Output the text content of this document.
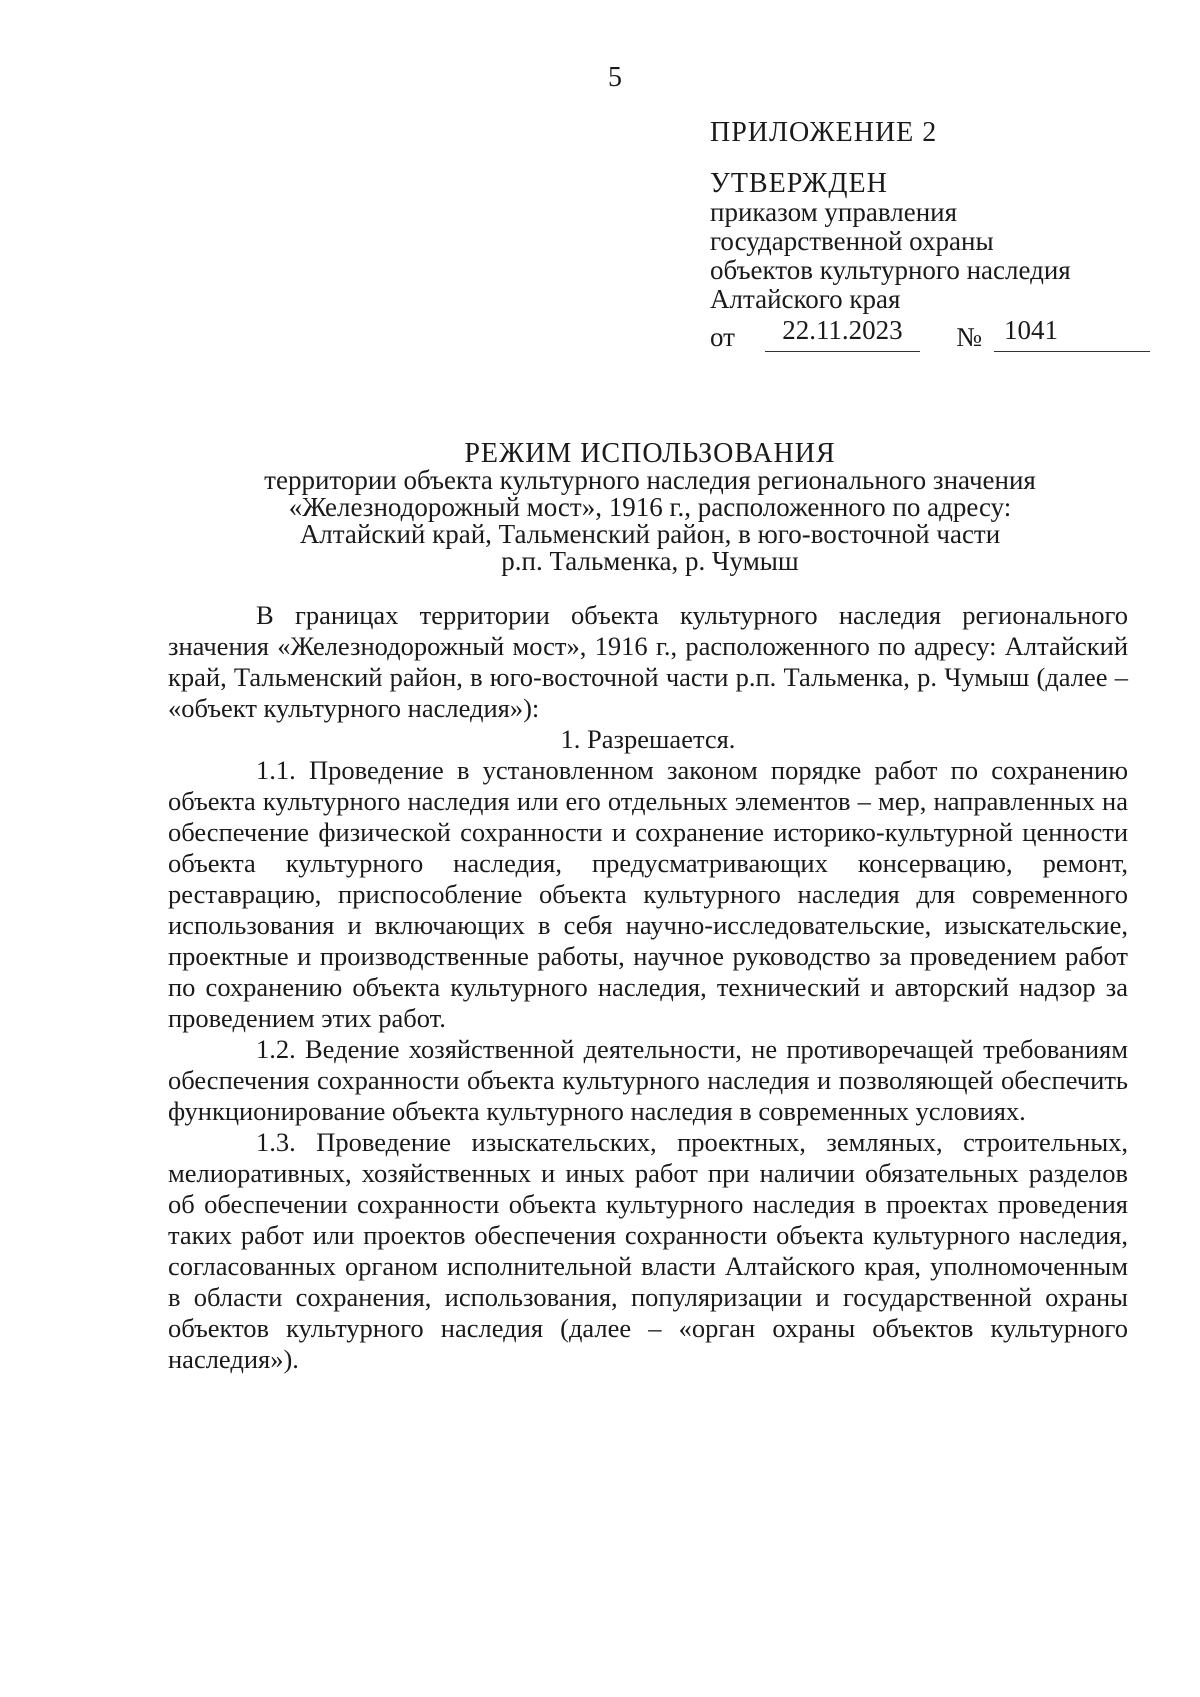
5
ПРИЛОЖЕНИЕ 2
УТВЕРЖДЕН
приказом управления
государственной охраны
объектов культурного наследия
Алтайского края
от	22.11.2023	№ 1041
РЕЖИМ ИСПОЛЬЗОВАНИЯ
территории объекта культурного наследия регионального значения
«Железнодорожный мост», 1916 г., расположенного по адресу:
Алтайский край, Тальменский район, в юго-восточной части
р.п. Тальменка, р. Чумыш

В границах территории объекта культурного наследия регионального значения «Железнодорожный мост», 1916 г., расположенного по адресу: Алтайский край, Тальменский район, в юго-восточной части р.п. Тальменка, р. Чумыш (далее – «объект культурного наследия»):

1. Разрешается.

1.1. Проведение в установленном законом порядке работ по сохранению объекта культурного наследия или его отдельных элементов – мер, направленных на обеспечение физической сохранности и сохранение историко-культурной ценности объекта культурного наследия, предусматривающих консервацию, ремонт, реставрацию, приспособление объекта культурного наследия для современного использования и включающих в себя научно-исследовательские, изыскательские, проектные и производственные работы, научное руководство за проведением работ по сохранению объекта культурного наследия, технический и авторский надзор за проведением этих работ.

1.2. Ведение хозяйственной деятельности, не противоречащей требованиям обеспечения сохранности объекта культурного наследия и позволяющей обеспечить функционирование объекта культурного наследия в современных условиях.

1.3. Проведение изыскательских, проектных, земляных, строительных, мелиоративных, хозяйственных и иных работ при наличии обязательных разделов об обеспечении сохранности объекта культурного наследия в проектах проведения таких работ или проектов обеспечения сохранности объекта культурного наследия, согласованных органом исполнительной власти Алтайского края, уполномоченным в области сохранения, использования, популяризации и государственной охраны объектов культурного наследия (далее – «орган охраны объектов культурного наследия»).
